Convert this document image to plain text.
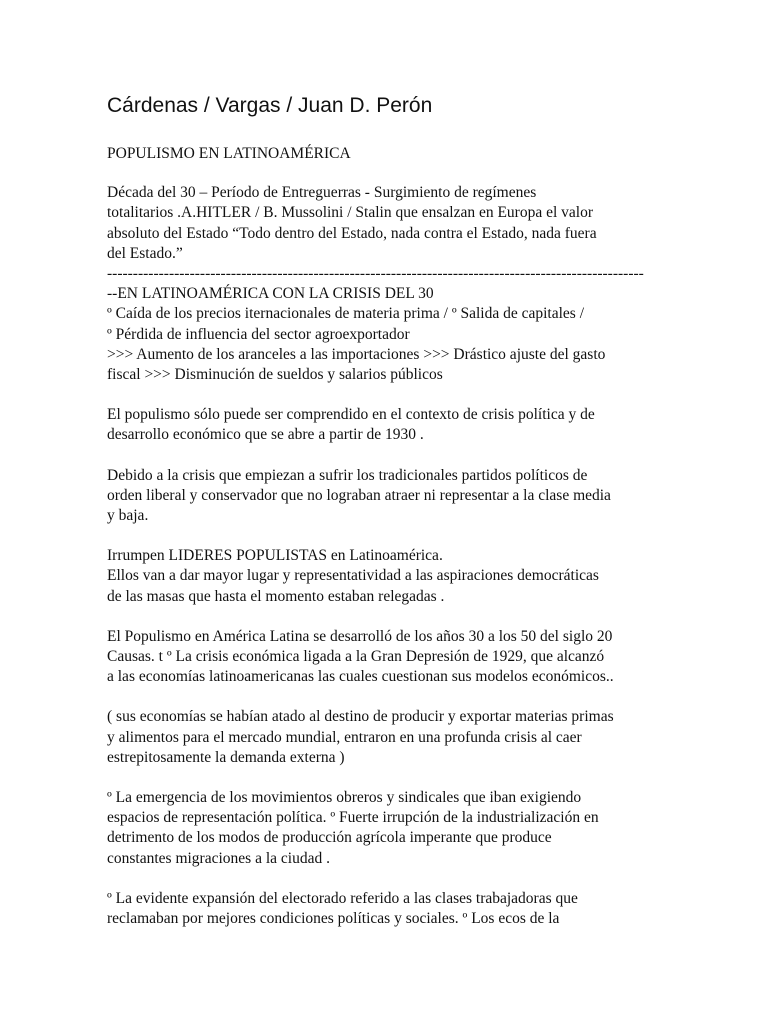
Cárdenas / Vargas / Juan D. Perón

POPULISMO EN LATINOAMÉRICA

Década del 30 – Período de Entreguerras - Surgimiento de regímenes
totalitarios .A.HITLER / B. Mussolini / Stalin que ensalzan en Europa el valor
absoluto del Estado “Todo dentro del Estado, nada contra el Estado, nada fuera
del Estado.”
--------------------------------------------------------------------------------------------------------
--EN LATINOAMÉRICA CON LA CRISIS DEL 30
º Caída de los precios iternacionales de materia prima / º Salida de capitales /
º Pérdida de influencia del sector agroexportador
>>> Aumento de los aranceles a las importaciones >>> Drástico ajuste del gasto
fiscal >>> Disminución de sueldos y salarios públicos

El populismo sólo puede ser comprendido en el contexto de crisis política y de
desarrollo económico que se abre a partir de 1930 .

Debido a la crisis que empiezan a sufrir los tradicionales partidos políticos de
orden liberal y conservador que no lograban atraer ni representar a la clase media
y baja.

Irrumpen LIDERES POPULISTAS en Latinoamérica.
Ellos van a dar mayor lugar y representatividad a las aspiraciones democráticas
de las masas que hasta el momento estaban relegadas .

El Populismo en América Latina se desarrolló de los años 30 a los 50 del siglo 20
Causas. t º La crisis económica ligada a la Gran Depresión de 1929, que alcanzó
a las economías latinoamericanas las cuales cuestionan sus modelos económicos..

( sus economías se habían atado al destino de producir y exportar materias primas
y alimentos para el mercado mundial, entraron en una profunda crisis al caer
estrepitosamente la demanda externa )

º La emergencia de los movimientos obreros y sindicales que iban exigiendo
espacios de representación política. º Fuerte irrupción de la industrialización en
detrimento de los modos de producción agrícola imperante que produce
constantes migraciones a la ciudad .

º La evidente expansión del electorado referido a las clases trabajadoras que
reclamaban por mejores condiciones políticas y sociales. º Los ecos de la
